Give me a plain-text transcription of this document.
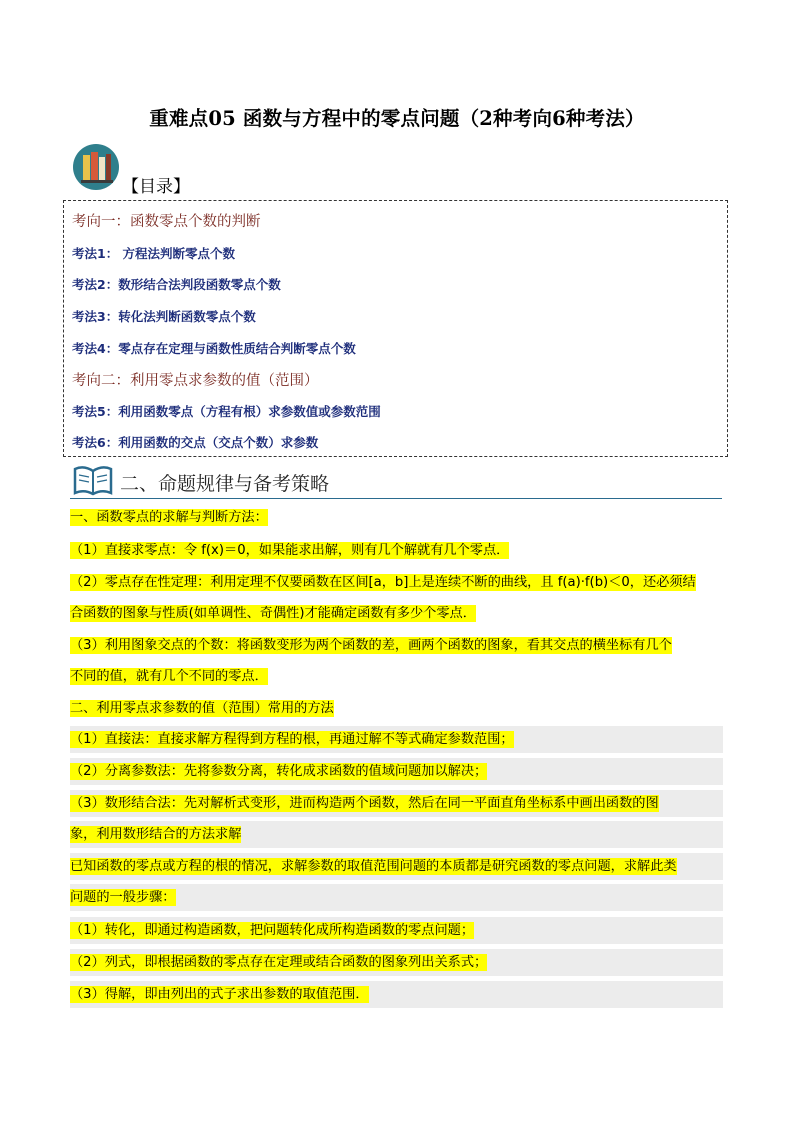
重难点05 函数与方程中的零点问题（2种考向6种考法）
【目录】
考向一：函数零点个数的判断
考法1： 方程法判断零点个数
考法2：数形结合法判段函数零点个数
考法3：转化法判断函数零点个数
考法4：零点存在定理与函数性质结合判断零点个数
考向二：利用零点求参数的值（范围）
考法5：利用函数零点（方程有根）求参数值或参数范围
考法6：利用函数的交点（交点个数）求参数
二、命题规律与备考策略
一、函数零点的求解与判断方法：
（1）直接求零点：令 f(x)＝0，如果能求出解，则有几个解就有几个零点．
（2）零点存在性定理：利用定理不仅要函数在区间[a，b]上是连续不断的曲线，且 f(a)·f(b)＜0，还必须结
合函数的图象与性质(如单调性、奇偶性)才能确定函数有多少个零点．
（3）利用图象交点的个数：将函数变形为两个函数的差，画两个函数的图象，看其交点的横坐标有几个
不同的值，就有几个不同的零点．
二、利用零点求参数的值（范围）常用的方法
（1）直接法：直接求解方程得到方程的根，再通过解不等式确定参数范围；
（2）分离参数法：先将参数分离，转化成求函数的值域问题加以解决；
（3）数形结合法：先对解析式变形，进而构造两个函数，然后在同一平面直角坐标系中画出函数的图
象，利用数形结合的方法求解
已知函数的零点或方程的根的情况，求解参数的取值范围问题的本质都是研究函数的零点问题，求解此类
问题的一般步骤：
（1）转化，即通过构造函数，把问题转化成所构造函数的零点问题；
（2）列式，即根据函数的零点存在定理或结合函数的图象列出关系式；
（3）得解，即由列出的式子求出参数的取值范围．
